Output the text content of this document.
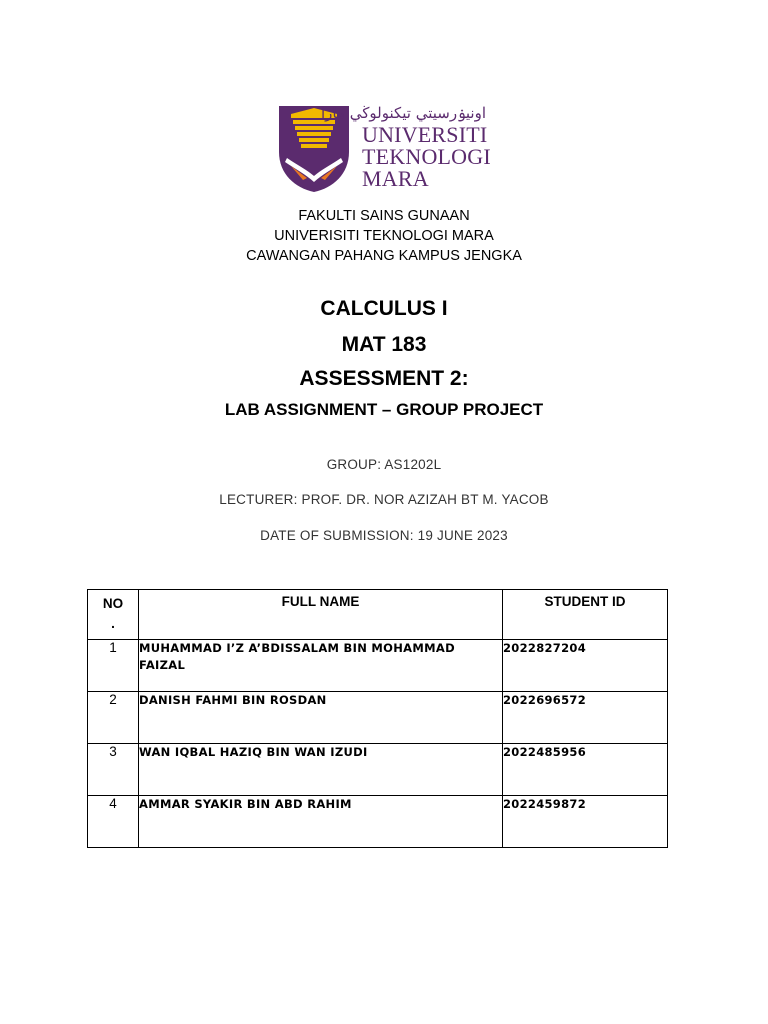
اونيۏرسيتي تيكنولوڬي مارا
UNIVERSITI
TEKNOLOGI
MARA
FAKULTI SAINS GUNAAN
UNIVERISITI TEKNOLOGI MARA
CAWANGAN PAHANG KAMPUS JENGKA
CALCULUS I
MAT 183
ASSESSMENT 2:
LAB ASSIGNMENT – GROUP PROJECT
GROUP: AS1202L
LECTURER: PROF. DR. NOR AZIZAH BT M. YACOB
DATE OF SUBMISSION: 19 JUNE 2023
NO
.	FULL NAME	STUDENT ID
1	MUHAMMAD I’Z A’BDISSALAM BIN MOHAMMAD FAIZAL	2022827204
2	DANISH FAHMI BIN ROSDAN	2022696572
3	WAN IQBAL HAZIQ BIN WAN IZUDI	2022485956
4	AMMAR SYAKIR BIN ABD RAHIM	2022459872
